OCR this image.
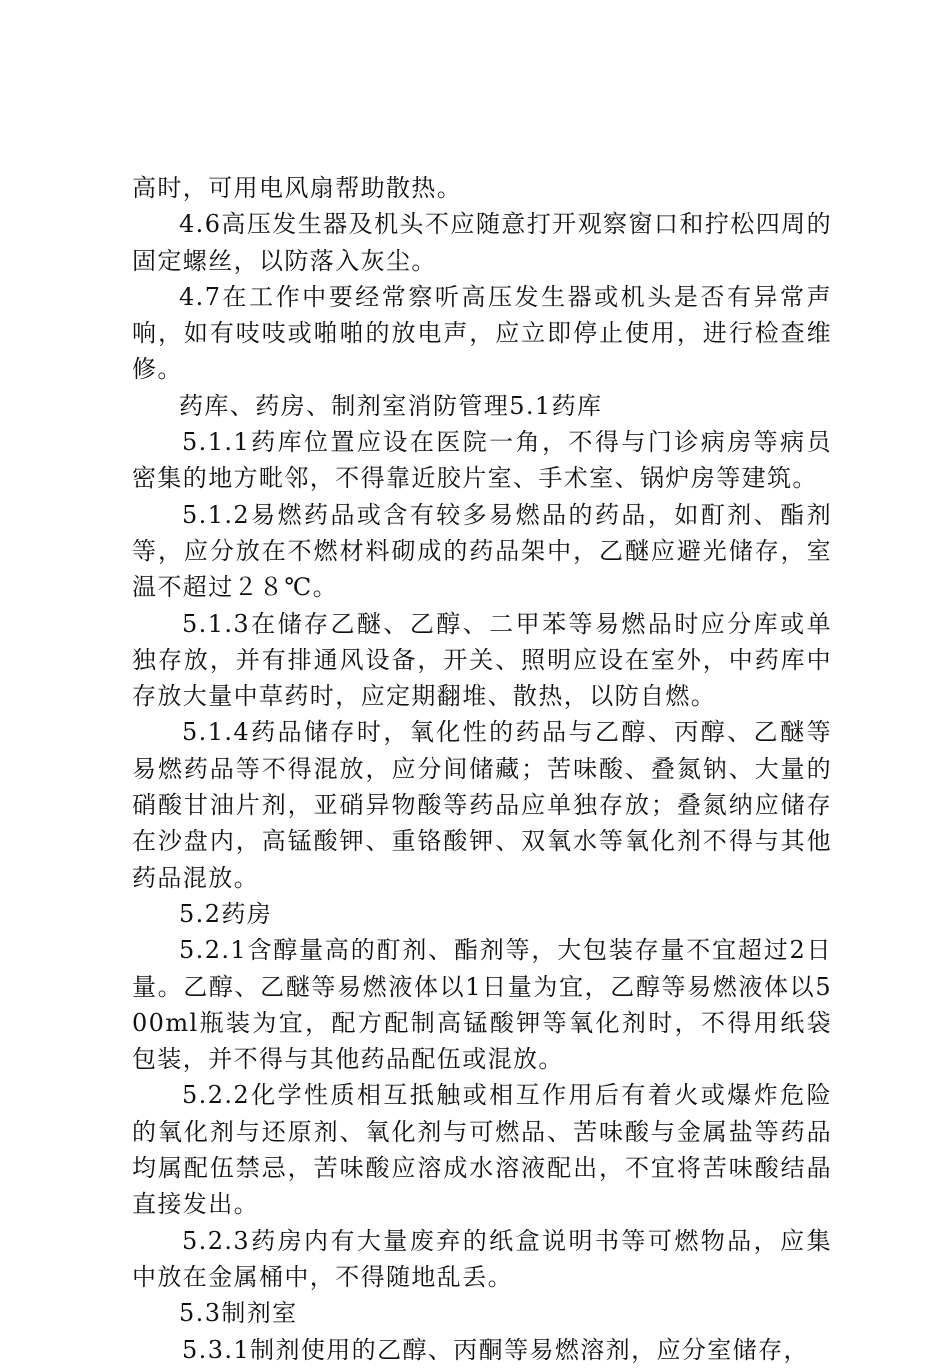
高时，可用电风扇帮助散热。

4.6高压发生器及机头不应随意打开观察窗口和拧松四周的固定螺丝，以防落入灰尘。

4.7在工作中要经常察听高压发生器或机头是否有异常声响，如有吱吱或啪啪的放电声，应立即停止使用，进行检查维修。

药库、药房、制剂室消防管理5.1药库

5.1.1药库位置应设在医院一角，不得与门诊病房等病员密集的地方毗邻，不得靠近胶片室、手术室、锅炉房等建筑。

5.1.2易燃药品或含有较多易燃品的药品，如酊剂、酯剂等，应分放在不燃材料砌成的药品架中，乙醚应避光储存，室温不超过２８℃。

5.1.3在储存乙醚、乙醇、二甲苯等易燃品时应分库或单独存放，并有排通风设备，开关、照明应设在室外，中药库中存放大量中草药时，应定期翻堆、散热，以防自燃。

5.1.4药品储存时，氧化性的药品与乙醇、丙醇、乙醚等易燃药品等不得混放，应分间储藏；苦味酸、叠氮钠、大量的硝酸甘油片剂，亚硝异物酸等药品应单独存放；叠氮纳应储存在沙盘内，高锰酸钾、重铬酸钾、双氧水等氧化剂不得与其他药品混放。

5.2药房

5.2.1含醇量高的酊剂、酯剂等，大包装存量不宜超过2日量。乙醇、乙醚等易燃液体以1日量为宜，乙醇等易燃液体以500ml瓶装为宜，配方配制高锰酸钾等氧化剂时，不得用纸袋包装，并不得与其他药品配伍或混放。

5.2.2化学性质相互抵触或相互作用后有着火或爆炸危险的氧化剂与还原剂、氧化剂与可燃品、苦味酸与金属盐等药品均属配伍禁忌，苦味酸应溶成水溶液配出，不宜将苦味酸结晶直接发出。

5.2.3药房内有大量废弃的纸盒说明书等可燃物品，应集中放在金属桶中，不得随地乱丢。

5.3制剂室

5.3.1制剂使用的乙醇、丙酮等易燃溶剂，应分室储存，
